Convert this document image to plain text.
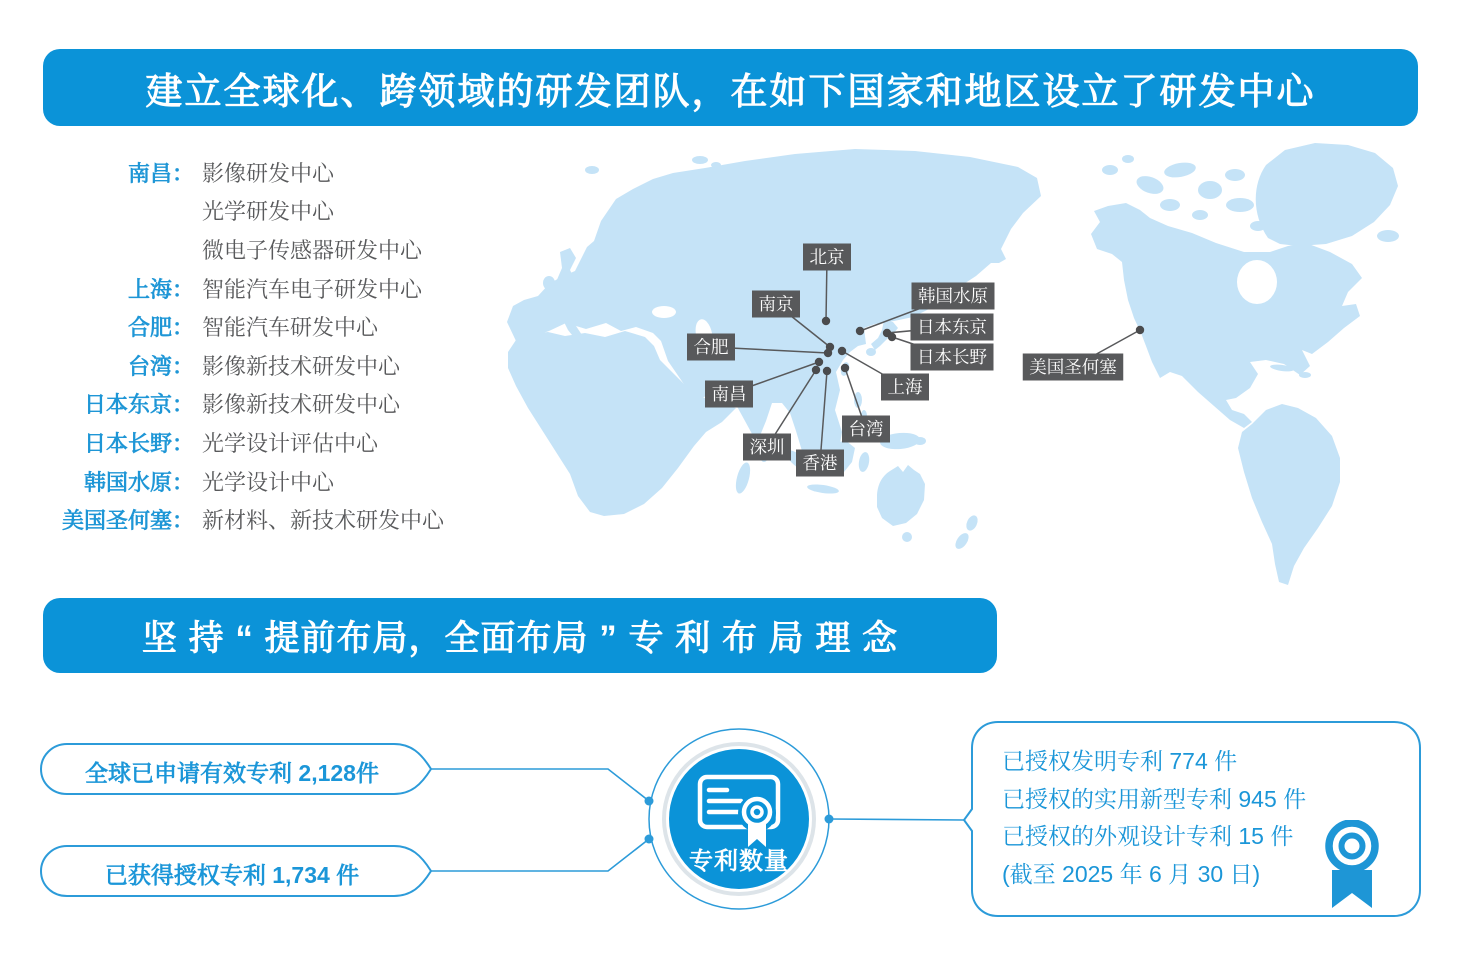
北京
南京	韩国水原
日本东京
日本长野
合肥
南昌	上海
台湾
深圳
香港
美国圣何塞
建立全球化、跨领域的研发团队，在如下国家和地区设立了研发中心
坚 持 “ 提前布局，全面布局 ” 专 利 布 局 理 念
南昌： 影像研发中心
光学研发中心
微电子传感器研发中心
上海： 智能汽车电子研发中心
合肥： 智能汽车研发中心
台湾： 影像新技术研发中心
日本东京： 影像新技术研发中心
日本长野： 光学设计评估中心
韩国水原： 光学设计中心
美国圣何塞： 新材料、新技术研发中心
全球已申请有效专利 2,128件
已获得授权专利 1,734 件	专利数量
已授权发明专利 774 件
已授权的实用新型专利 945 件
已授权的外观设计专利 15 件
(截至 2025 年 6 月 30 日)
